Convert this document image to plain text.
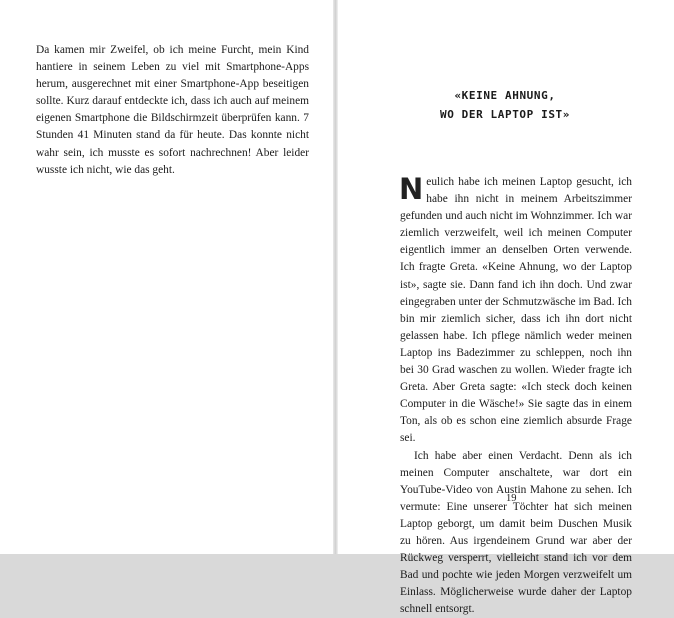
Da kamen mir Zweifel, ob ich meine Furcht, mein Kind hantiere in seinem Leben zu viel mit Smartphone-Apps herum, ausgerechnet mit einer Smartphone-App beseitigen sollte. Kurz darauf entdeckte ich, dass ich auch auf meinem eigenen Smartphone die Bildschirmzeit überprüfen kann. 7 Stunden 41 Minuten stand da für heute. Das konnte nicht wahr sein, ich musste es sofort nachrechnen! Aber leider wusste ich nicht, wie das geht.

«KEINE AHNUNG,
WO DER LAPTOP IST»

Neulich habe ich meinen Laptop gesucht, ich habe ihn nicht in meinem Arbeitszimmer gefunden und auch nicht im Wohnzimmer. Ich war ziemlich verzweifelt, weil ich meinen Computer eigentlich immer an denselben Orten verwende. Ich fragte Greta. «Keine Ahnung, wo der Laptop ist», sagte sie. Dann fand ich ihn doch. Und zwar eingegraben unter der Schmutzwäsche im Bad. Ich bin mir ziemlich sicher, dass ich ihn dort nicht gelassen habe. Ich pflege nämlich weder meinen Laptop ins Badezimmer zu schleppen, noch ihn bei 30 Grad waschen zu wollen. Wieder fragte ich Greta. Aber Greta sagte: «Ich steck doch keinen Computer in die Wäsche!» Sie sagte das in einem Ton, als ob es schon eine ziemlich absurde Frage sei.

Ich habe aber einen Verdacht. Denn als ich meinen Computer anschaltete, war dort ein YouTube-Video von Austin Mahone zu sehen. Ich vermute: Eine unserer Töchter hat sich meinen Laptop geborgt, um damit beim Duschen Musik zu hören. Aus irgendeinem Grund war aber der Rückweg versperrt, vielleicht stand ich vor dem Bad und pochte wie jeden Morgen verzweifelt um Einlass. Möglicherweise wurde daher der Laptop schnell entsorgt.

19
